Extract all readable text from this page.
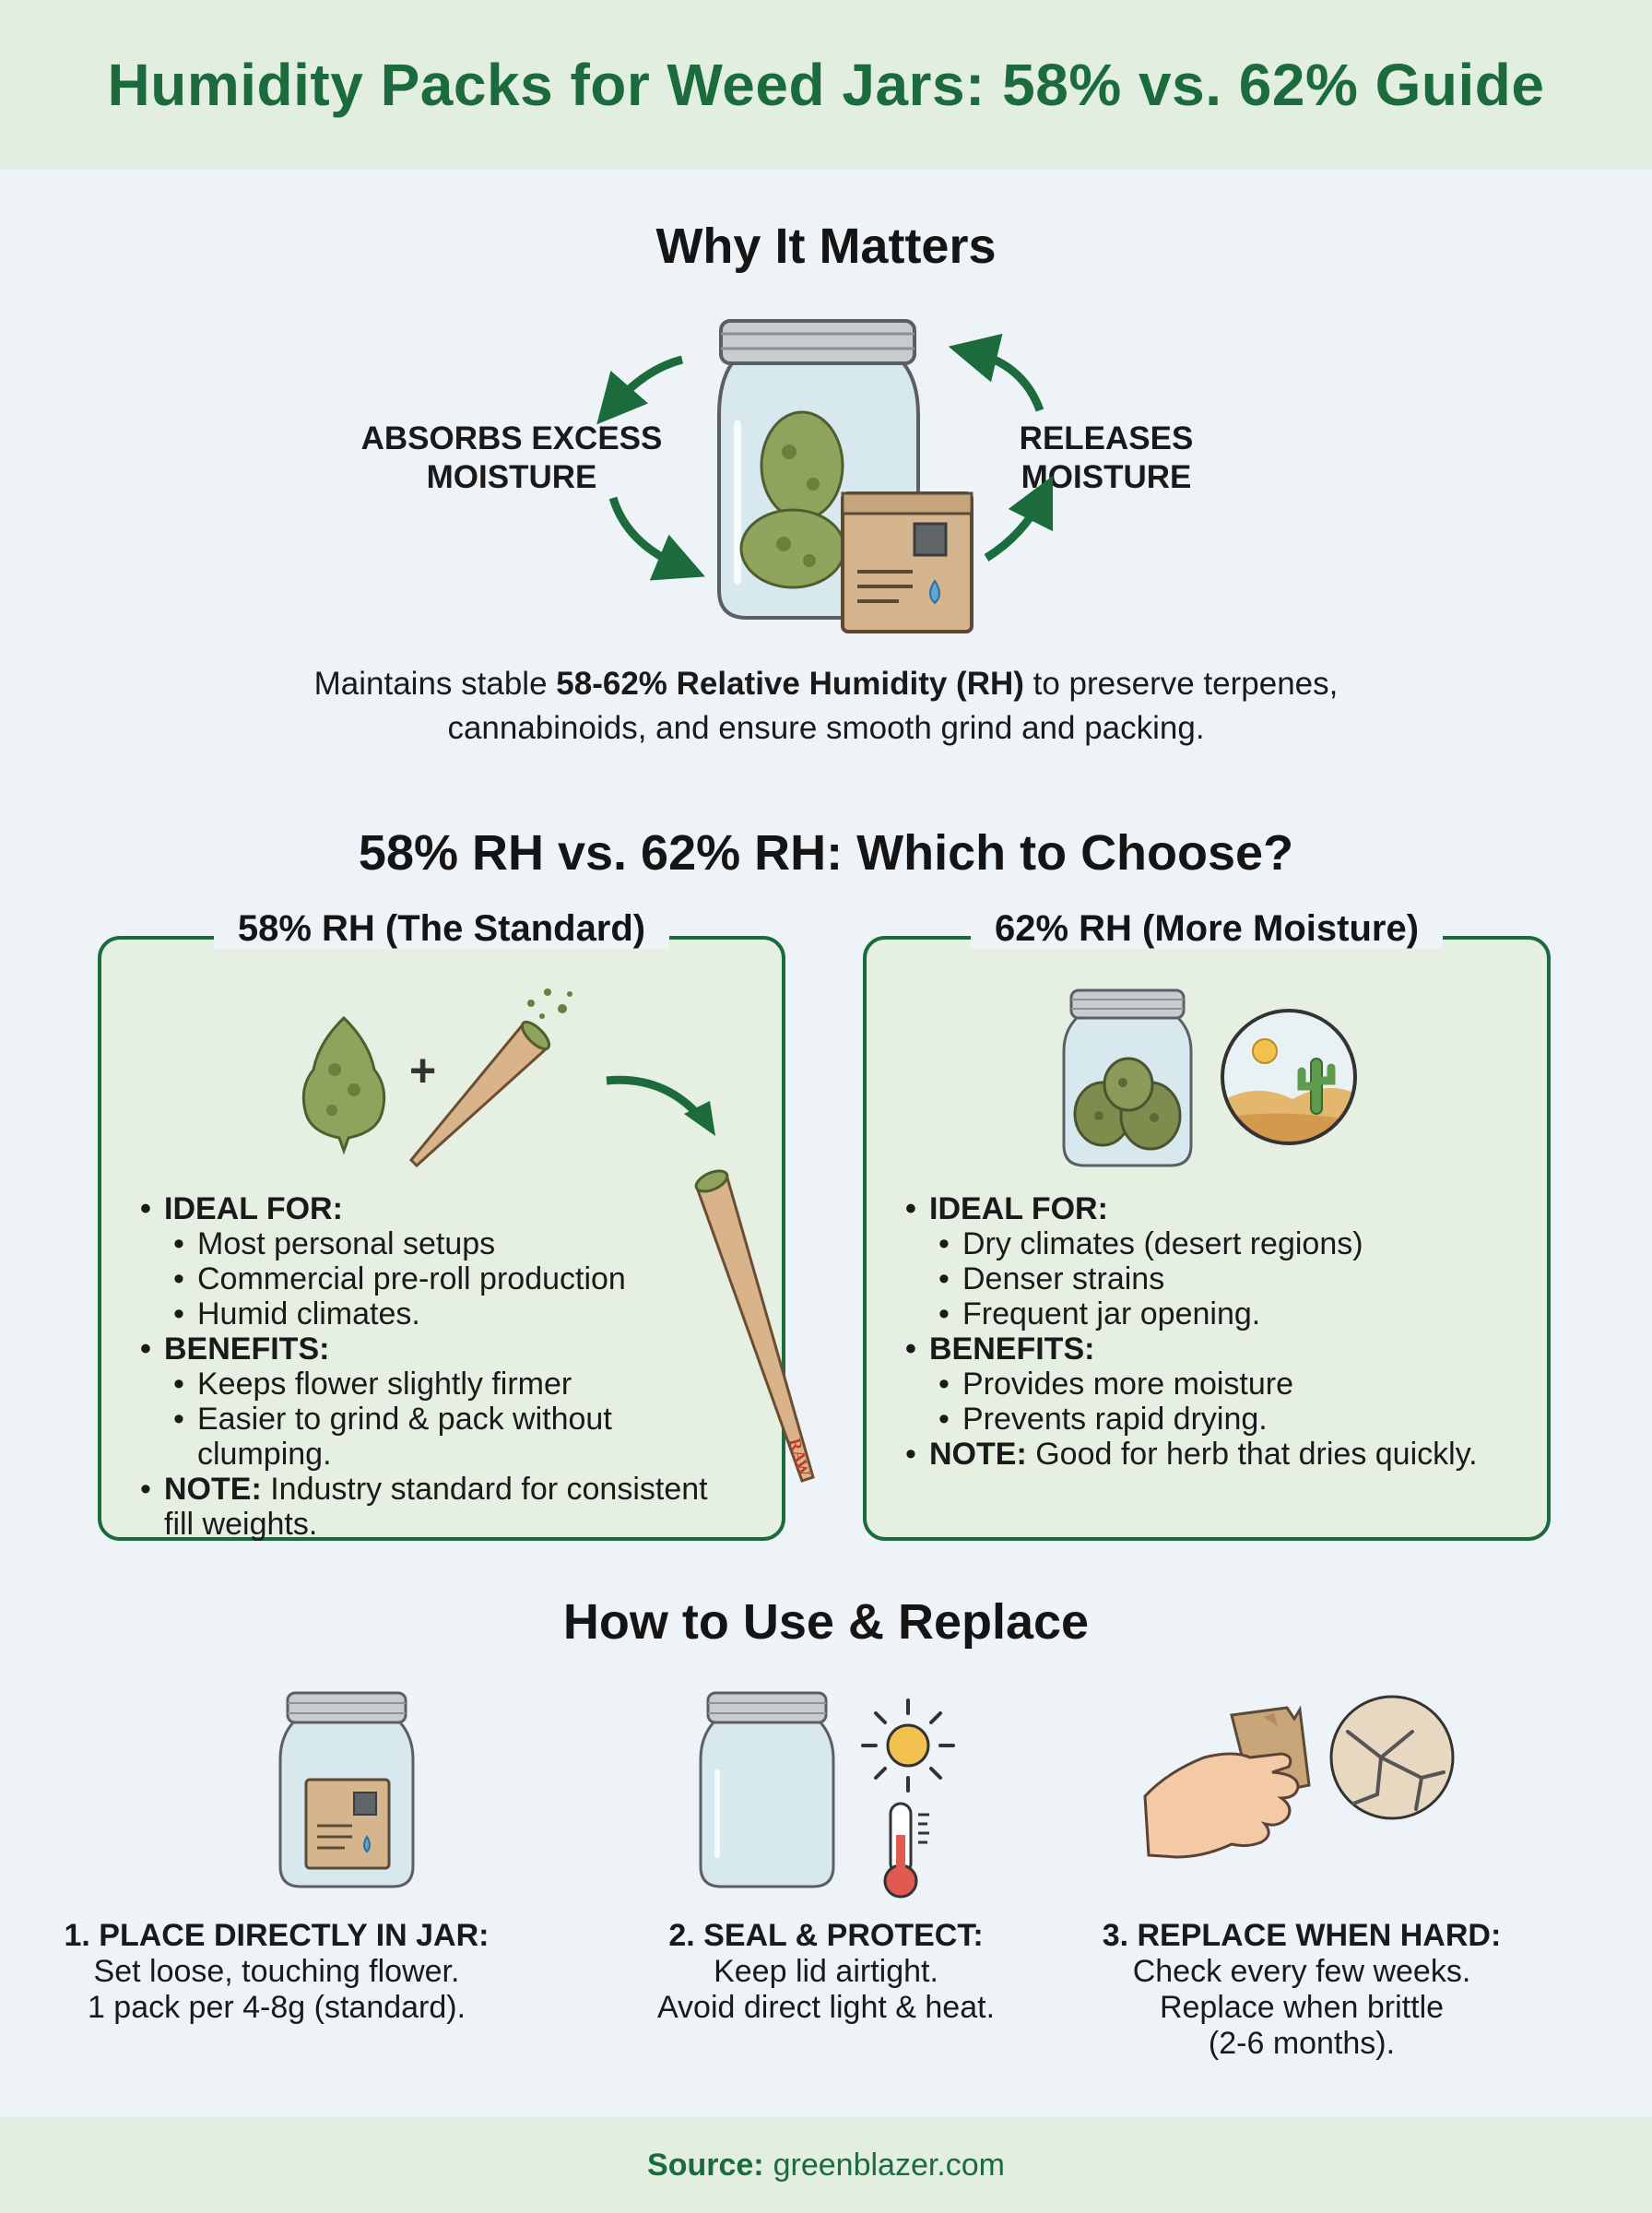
Humidity Packs for Weed Jars: 58% vs. 62% Guide
Why It Matters
ABSORBS EXCESS
MOISTURE
RELEASES
MOISTURE
Maintains stable 58-62% Relative Humidity (RH) to preserve terpenes,
cannabinoids, and ensure smooth grind and packing.
58% RH vs. 62% RH: Which to Choose?
58% RH (The Standard)
+
RAW
• IDEAL FOR:
• Most personal setups
• Commercial pre-roll production
• Humid climates.
• BENEFITS:
• Keeps flower slightly firmer
• Easier to grind & pack without clumping.
• NOTE: Industry standard for consistent
fill weights.
62% RH (More Moisture)
• IDEAL FOR:
• Dry climates (desert regions)
• Denser strains
• Frequent jar opening.
• BENEFITS:
• Provides more moisture
• Prevents rapid drying.
• NOTE: Good for herb that dries quickly.
How to Use & Replace
1. PLACE DIRECTLY IN JAR:
Set loose, touching flower.
1 pack per 4-8g (standard).
2. SEAL & PROTECT:
Keep lid airtight.
Avoid direct light & heat.
3. REPLACE WHEN HARD:
Check every few weeks.
Replace when brittle
(2-6 months).
Source: greenblazer.com
